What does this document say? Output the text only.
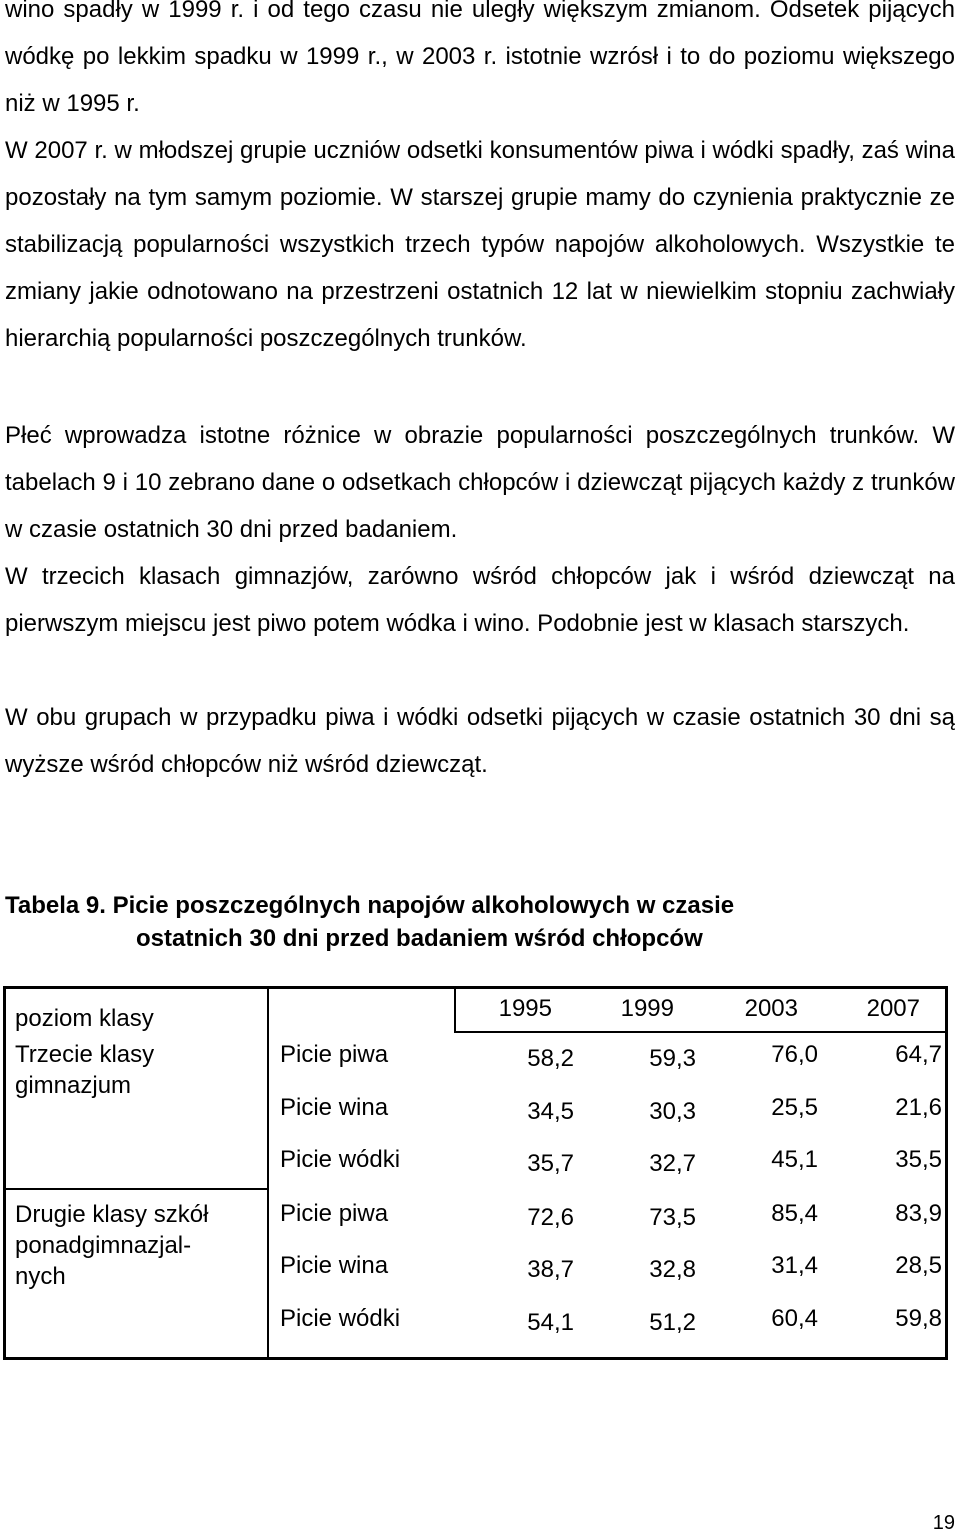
wino spadły w 1999 r. i od tego czasu nie uległy większym zmianom. Odsetek pijących wódkę po lekkim spadku w 1999 r., w 2003 r. istotnie wzrósł i to do poziomu większego niż w 1995 r.

W 2007 r. w młodszej grupie uczniów odsetki konsumentów piwa i wódki spadły, zaś wina pozostały na tym samym poziomie. W starszej grupie mamy do czynienia praktycznie ze stabilizacją popularności wszystkich trzech typów napojów alkoholowych. Wszystkie te zmiany jakie odnotowano na przestrzeni ostatnich 12 lat w niewielkim stopniu zachwiały hierarchią popularności poszczególnych trunków.

Płeć wprowadza istotne różnice w obrazie popularności poszczególnych trunków. W tabelach 9 i 10 zebrano dane o odsetkach chłopców i dziewcząt pijących każdy z trunków w czasie ostatnich 30 dni przed badaniem.

W trzecich klasach gimnazjów, zarówno wśród chłopców jak i wśród dziewcząt na pierwszym miejscu jest piwo potem wódka i wino. Podobnie jest w klasach starszych.

W obu grupach w przypadku piwa i wódki odsetki pijących w czasie ostatnich 30 dni są wyższe wśród chłopców niż wśród dziewcząt.

Tabela 9. Picie poszczególnych napojów alkoholowych w czasie
ostatnich 30 dni przed badaniem wśród chłopców
poziom klasy	1995	1999	2003	2007
Trzecie klasy
gimnazjum
Picie piwa	58,2	59,3	76,0	64,7
Picie wina	34,5	30,3	25,5	21,6
Picie wódki	35,7	32,7	45,1	35,5
Drugie klasy szkół
ponadgimnazjal-
nych
Picie piwa	72,6	73,5	85,4	83,9
Picie wina	38,7	32,8	31,4	28,5
Picie wódki	54,1	51,2	60,4	59,8
19
